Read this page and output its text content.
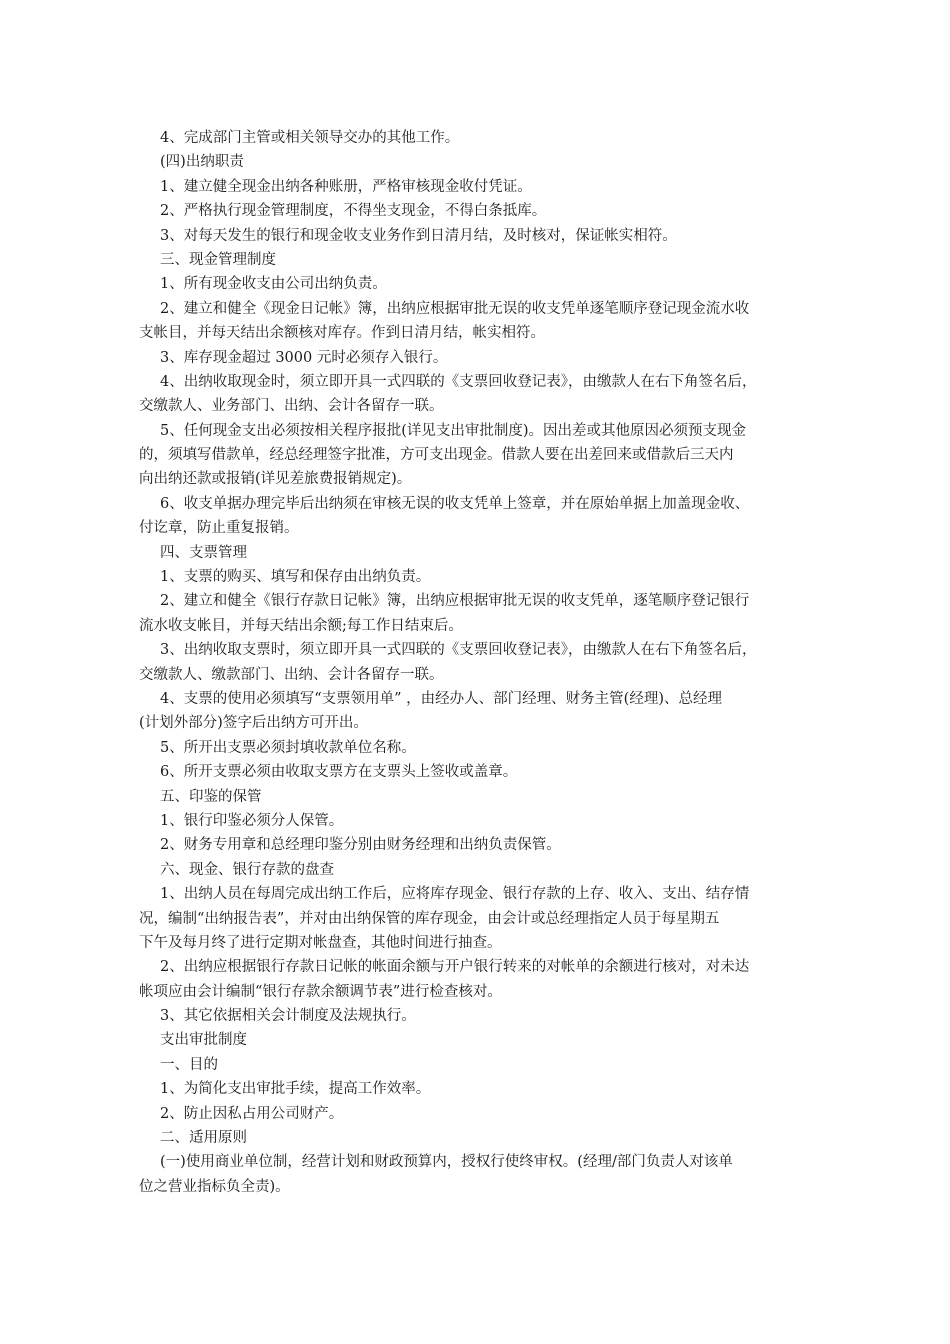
4、完成部门主管或相关领导交办的其他工作。
(四)出纳职责
1、建立健全现金出纳各种账册，严格审核现金收付凭证。
2、严格执行现金管理制度，不得坐支现金，不得白条抵库。
3、对每天发生的银行和现金收支业务作到日清月结，及时核对，保证帐实相符。
三、现金管理制度
1、所有现金收支由公司出纳负责。
2、建立和健全《现金日记帐》簿，出纳应根据审批无误的收支凭单逐笔顺序登记现金流水收
支帐目，并每天结出余额核对库存。作到日清月结，帐实相符。
3、库存现金超过 3000 元时必须存入银行。
4、出纳收取现金时，须立即开具一式四联的《支票回收登记表》，由缴款人在右下角签名后，
交缴款人、业务部门、出纳、会计各留存一联。
5、任何现金支出必须按相关程序报批(详见支出审批制度)。因出差或其他原因必须预支现金
的，须填写借款单，经总经理签字批准，方可支出现金。借款人要在出差回来或借款后三天内
向出纳还款或报销(详见差旅费报销规定)。
6、收支单据办理完毕后出纳须在审核无误的收支凭单上签章，并在原始单据上加盖现金收、
付讫章，防止重复报销。
四、支票管理
1、支票的购买、填写和保存由出纳负责。
2、建立和健全《银行存款日记帐》簿，出纳应根据审批无误的收支凭单，逐笔顺序登记银行
流水收支帐目，并每天结出余额;每工作日结束后。
3、出纳收取支票时，须立即开具一式四联的《支票回收登记表》，由缴款人在右下角签名后，
交缴款人、缴款部门、出纳、会计各留存一联。
4、支票的使用必须填写“支票领用单” ，由经办人、部门经理、财务主管(经理)、总经理
(计划外部分)签字后出纳方可开出。
5、所开出支票必须封填收款单位名称。
6、所开支票必须由收取支票方在支票头上签收或盖章。
五、印鉴的保管
1、银行印鉴必须分人保管。
2、财务专用章和总经理印鉴分别由财务经理和出纳负责保管。
六、现金、银行存款的盘查
1、出纳人员在每周完成出纳工作后，应将库存现金、银行存款的上存、收入、支出、结存情
况，编制“出纳报告表”，并对由出纳保管的库存现金，由会计或总经理指定人员于每星期五
下午及每月终了进行定期对帐盘查，其他时间进行抽查。
2、出纳应根据银行存款日记帐的帐面余额与开户银行转来的对帐单的余额进行核对，对未达
帐项应由会计编制“银行存款余额调节表”进行检查核对。
3、其它依据相关会计制度及法规执行。
支出审批制度
一、目的
1、为简化支出审批手续，提高工作效率。
2、防止因私占用公司财产。
二、适用原则
(一)使用商业单位制，经营计划和财政预算内，授权行使终审权。(经理/部门负责人对该单
位之营业指标负全责)。
